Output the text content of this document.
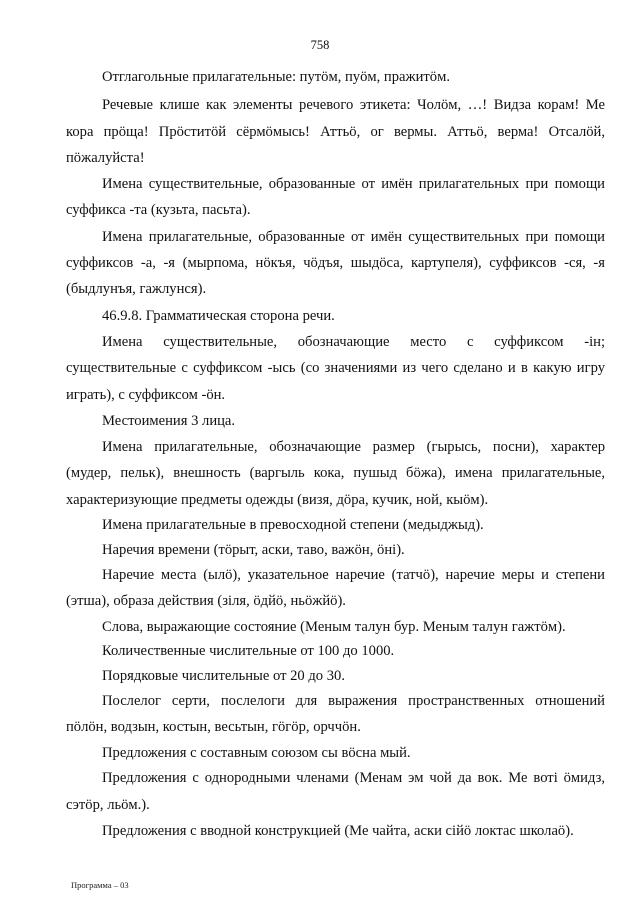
758

Отглагольные прилагательные: путӧм, пуӧм, пражитӧм.

Речевые клише как элементы речевого этикета: Чолӧм, …! Видза корам! Ме кора прӧща! Прӧститӧй сёрмӧмысь! Аттьӧ, ог вермы. Аттьӧ, верма! Отсалӧй, пӧжалуйста!

Имена существительные, образованные от имён прилагательных при помощи суффикса -та (кузьта, пасьта).

Имена прилагательные, образованные от имён существительных при помощи суффиксов -а, -я (мырпома, нӧкъя, чӧдъя, шыдӧса, картупеля), суффиксов -ся, -я (быдлунъя, гажлунся).

46.9.8. Грамматическая сторона речи.

Имена существительные, обозначающие место с суффиксом -ін; существительные с суффиксом -ысь (со значениями из чего сделано и в какую игру играть), с суффиксом -ӧн.

Местоимения 3 лица.

Имена прилагательные, обозначающие размер (гырысь, посни), характер (мудер, пельк), внешность (варгыль кока, пушыд бӧжа), имена прилагательные, характеризующие предметы одежды (визя, дӧра, кучик, ной, кыӧм).

Имена прилагательные в превосходной степени (медыджыд).

Наречия времени (тӧрыт, аски, таво, важӧн, ӧні).

Наречие места (ылӧ), указательное наречие (татчӧ), наречие меры и степени (этша), образа действия (зіля, ӧдйӧ, ньӧжйӧ).

Слова, выражающие состояние (Меным талун бур. Меным талун гажтӧм).

Количественные числительные от 100 до 1000.

Порядковые числительные от 20 до 30.

Послелог серти, послелоги для выражения пространственных отношений пӧлӧн, водзын, костын, весьтын, гӧгӧр, орччӧн.

Предложения с составным союзом сы вӧсна мый.

Предложения с однородными членами (Менам эм чой да вок. Ме воті ӧмидз, сэтӧр, льӧм.).

Предложения с вводной конструкцией (Ме чайта, аски сійӧ локтас школаӧ).

Программа – 03
